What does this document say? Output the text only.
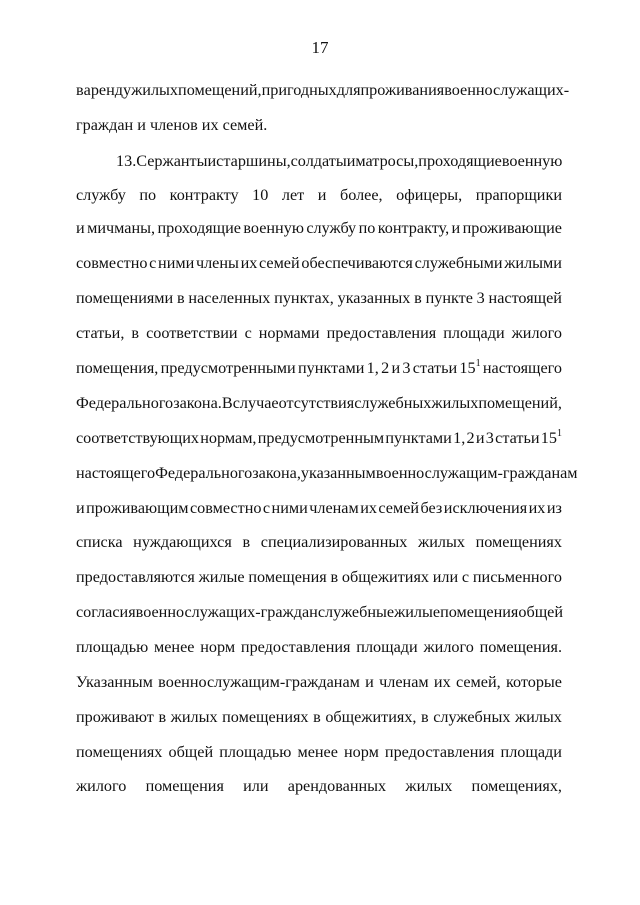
17
в аренду жилых помещений, пригодных для проживания военнослужащих-
граждан и членов их семей.
13. Сержанты и старшины, солдаты и матросы, проходящие военную
службу по контракту 10 лет и более, офицеры, прапорщики
и мичманы, проходящие военную службу по контракту, и проживающие
совместно с ними члены их семей обеспечиваются служебными жилыми
помещениями в населенных пунктах, указанных в пункте 3 настоящей
статьи, в соответствии с нормами предоставления площади жилого
помещения, предусмотренными пунктами 1, 2 и 3 статьи $15^1$ настоящего
Федерального закона. В случае отсутствия служебных жилых помещений,
соответствующих нормам, предусмотренным пунктами 1, 2 и 3 статьи $15^1$
настоящего Федерального закона, указанным военнослужащим-гражданам
и проживающим совместно с ними членам их семей без исключения их из
списка нуждающихся в специализированных жилых помещениях
предоставляются жилые помещения в общежитиях или с письменного
согласия военнослужащих-граждан служебные жилые помещения общей
площадью менее норм предоставления площади жилого помещения.
Указанным военнослужащим-гражданам и членам их семей, которые
проживают в жилых помещениях в общежитиях, в служебных жилых
помещениях общей площадью менее норм предоставления площади
жилого помещения или арендованных жилых помещениях,
